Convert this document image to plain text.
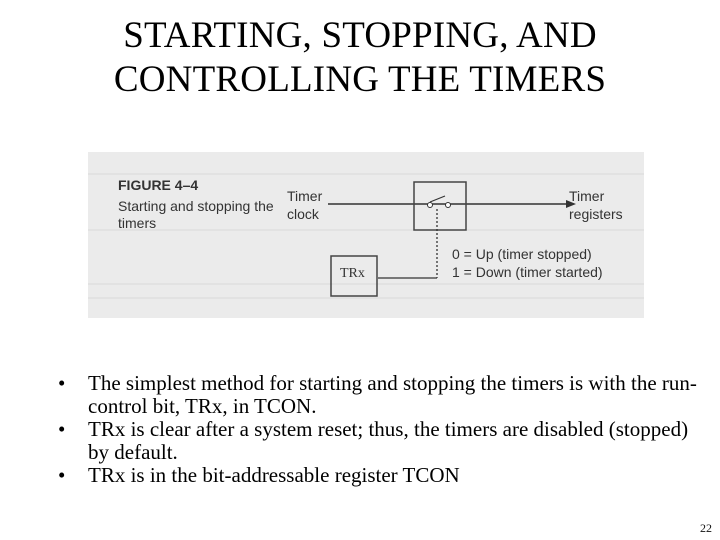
STARTING, STOPPING, AND
CONTROLLING THE TIMERS
FIGURE 4–4
Starting and stopping the timers
Timer clock
Timer registers
TRx
0 = Up (timer stopped)
1 = Down (timer started)
• The simplest method for starting and stopping the timers is with the run-control bit, TRx, in TCON.
• TRx is clear after a system reset; thus, the timers are disabled (stopped) by default.
• TRx is in the bit-addressable register TCON
22
